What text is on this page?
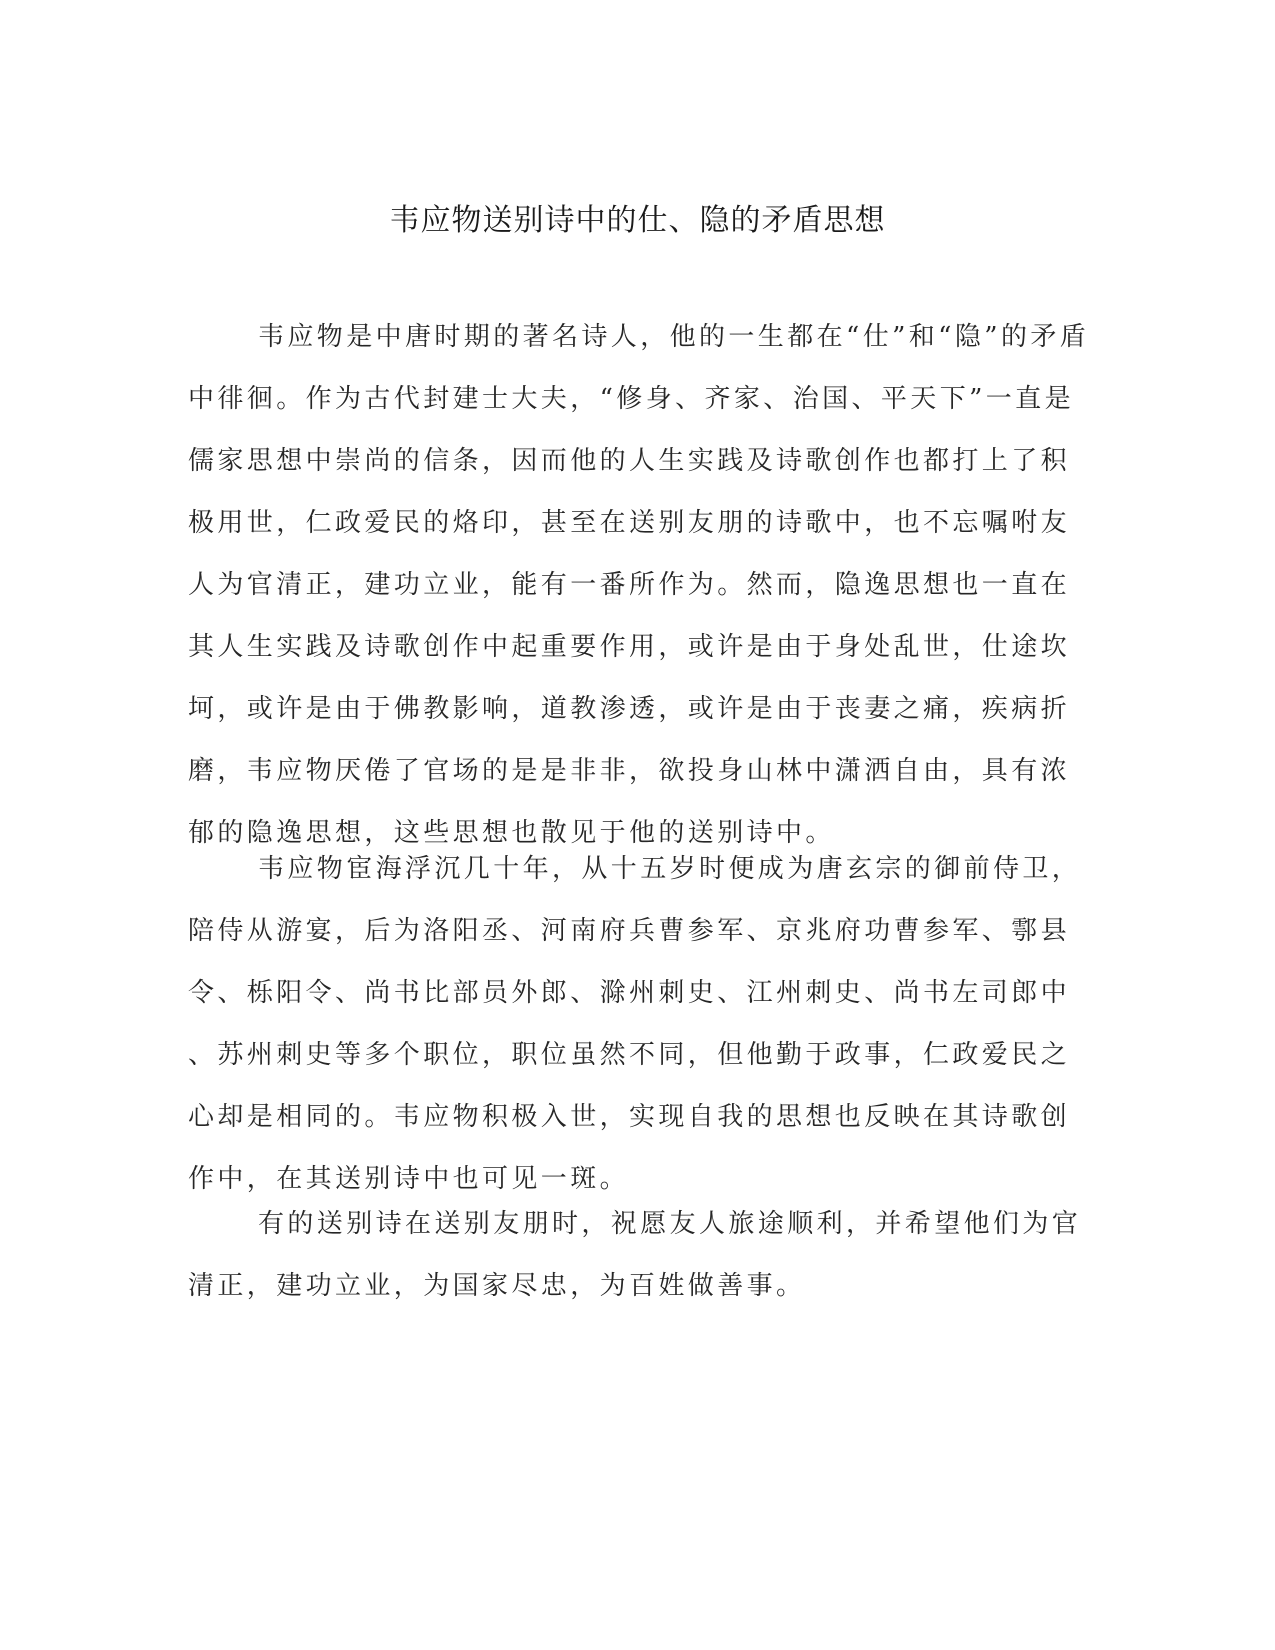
韦应物送别诗中的仕、隐的矛盾思想

韦应物是中唐时期的著名诗人，他的一生都在“仕”和“隐”的矛盾
中徘徊。作为古代封建士大夫，“修身、齐家、治国、平天下”一直是
儒家思想中崇尚的信条，因而他的人生实践及诗歌创作也都打上了积
极用世，仁政爱民的烙印，甚至在送别友朋的诗歌中，也不忘嘱咐友
人为官清正，建功立业，能有一番所作为。然而，隐逸思想也一直在
其人生实践及诗歌创作中起重要作用，或许是由于身处乱世，仕途坎
坷，或许是由于佛教影响，道教渗透，或许是由于丧妻之痛，疾病折
磨，韦应物厌倦了官场的是是非非，欲投身山林中潇洒自由，具有浓
郁的隐逸思想，这些思想也散见于他的送别诗中。

韦应物宦海浮沉几十年，从十五岁时便成为唐玄宗的御前侍卫，
陪侍从游宴，后为洛阳丞、河南府兵曹参军、京兆府功曹参军、鄠县
令、栎阳令、尚书比部员外郎、滁州刺史、江州刺史、尚书左司郎中
、苏州刺史等多个职位，职位虽然不同，但他勤于政事，仁政爱民之
心却是相同的。韦应物积极入世，实现自我的思想也反映在其诗歌创
作中，在其送别诗中也可见一斑。

有的送别诗在送别友朋时，祝愿友人旅途顺利，并希望他们为官
清正，建功立业，为国家尽忠，为百姓做善事。
